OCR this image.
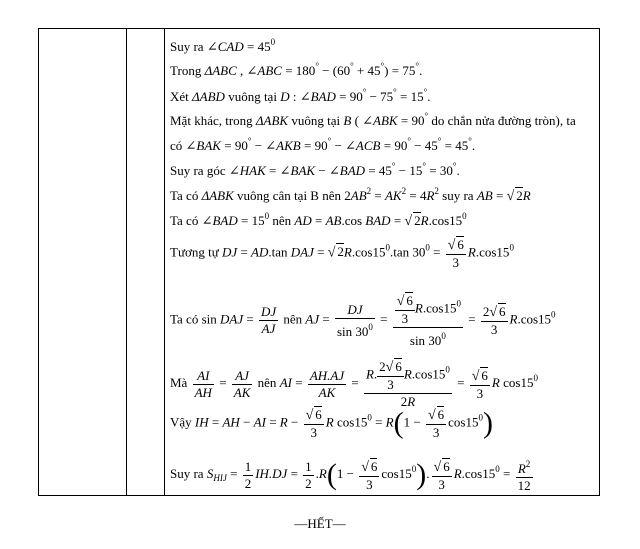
Suy ra ∠CAD = $45^0$
Trong ΔABC , ∠ABC = 180° − (60° + 45°) = 75°.
Xét ΔABD vuông tại D : ∠BAD = 90° − 75° = 15°.
Mặt khác, trong ΔABK vuông tại B ( ∠ABK = 90° do chắn nửa đường tròn), ta
có ∠BAK = 90° − ∠AKB = 90° − ∠ACB = 90° − 45° = 45°.
Suy ra góc ∠HAK = ∠BAK − ∠BAD = 45° − 15° = 30°.
Ta có ΔABK vuông cân tại B nên $2AB^2 = AK^2 = 4R^2$ suy ra AB = √ 2R
Ta có ∠BAD = $15^0$ nên AD = AB.cos BAD = √ $2R.\cos 15^0$
Tương tự DJ = AD.tan DAJ = √ $2R.\cos 15^0.\tan$ $30^0 = \frac{√ 6}{3} R.\cos 15^0$
Ta có sin DAJ = $\frac{DJ}{AJ}$ nên AJ = $\frac{DJ}{\sin 30^0} = \frac{\frac{√ 6}{3} R.\cos 15^0}{\sin 30^0} = \frac{2√ 6}{3} R.\cos 15^0$
Mà $\frac{AI}{AH} = \frac{AJ}{AK}$ nên AI = $\frac{AH.AJ}{AK} = \frac{R. \frac{2√ 6}{3} R.\cos 15^0}{2R} = \frac{√ 6}{3}$ R $\cos 15^0$
Vậy IH = AH − AI = $R - \frac{√ 6}{3}$ R $\cos 15^0 = R(1 - \frac{√ 6}{3} \cos 15^0)$
Suy ra $S_{HIJ} = \frac{1}{2} IH.DJ = \frac{1}{2} .R(1 - \frac{√ 6}{3} \cos 15^0)$. $\frac{√ 6}{3} R.\cos 15^0 = \frac{R^2}{12}$
—HẾT—
